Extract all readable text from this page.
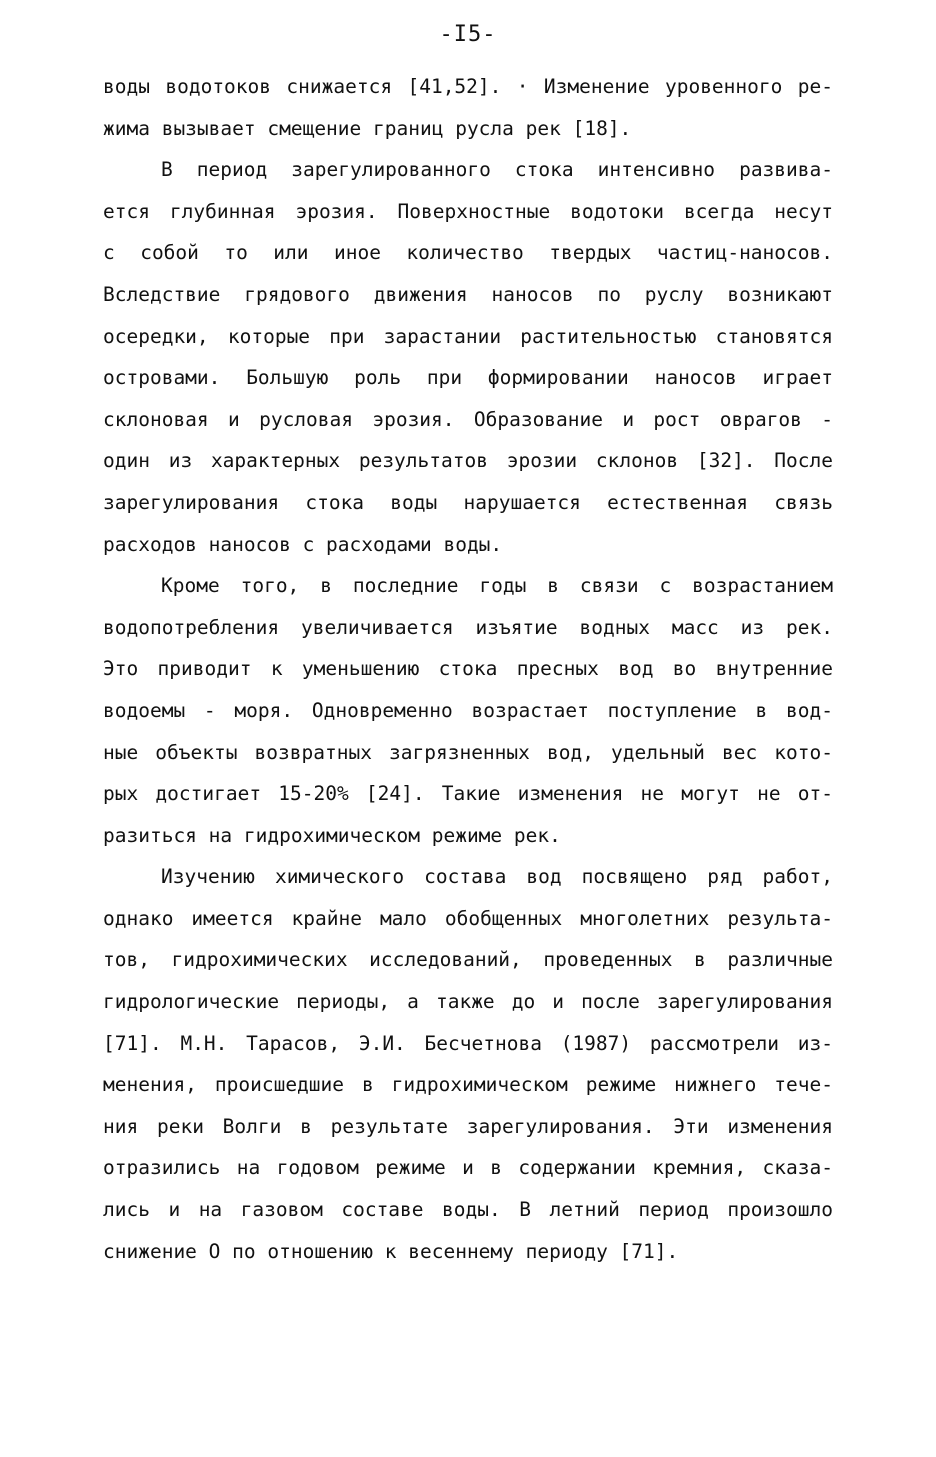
-I5-
воды водотоков снижается [41,52]. · Изменение уровенного ре-
жима вызывает смещение границ русла рек [18].
В период зарегулированного стока интенсивно развива-
ется глубинная эрозия. Поверхностные водотоки всегда несут
с собой то или иное количество твердых частиц-наносов.
Вследствие грядового движения наносов по руслу возникают
осередки, которые при зарастании растительностью становятся
островами. Большую роль при формировании наносов играет
склоновая и русловая эрозия. Образование и рост оврагов -
один из характерных результатов эрозии склонов [32]. После
зарегулирования стока воды нарушается естественная связь
расходов наносов с расходами воды.
Кроме того, в последние годы в связи с возрастанием
водопотребления увеличивается изъятие водных масс из рек.
Это приводит к уменьшению стока пресных вод во внутренние
водоемы - моря. Одновременно возрастает поступление в вод-
ные объекты возвратных загрязненных вод, удельный вес кото-
рых достигает 15-20% [24]. Такие изменения не могут не от-
разиться на гидрохимическом режиме рек.
Изучению химического состава вод посвящено ряд работ,
однако имеется крайне мало обобщенных многолетних результа-
тов, гидрохимических исследований, проведенных в различные
гидрологические периоды, а также до и после зарегулирования
[71]. М.Н. Тарасов, Э.И. Бесчетнова (1987) рассмотрели из-
менения, происшедшие в гидрохимическом режиме нижнего тече-
ния реки Волги в результате зарегулирования. Эти изменения
отразились на годовом режиме и в содержании кремния, сказа-
лись и на газовом составе воды. В летний период произошло
снижение О по отношению к весеннему периоду [71].
